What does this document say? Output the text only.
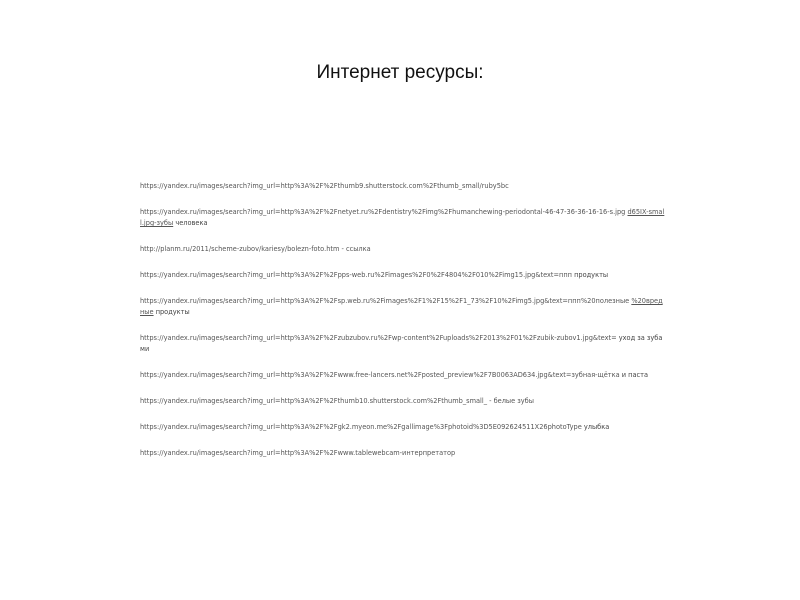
Интернет ресурсы:
https://yandex.ru/images/search?img_url=http%3A%2F%2Fthumb9.shutterstock.com%2Fthumb_small/ruby5bc
https://yandex.ru/images/search?img_url=http%3A%2F%2Fnetyet.ru%2Fdentistry%2Fimg%2Fhumanchewing-periodontal-46-47-36-36-16-16-s.jpg d65IX-small.jpg-зубы человека
http://planm.ru/2011/scheme-zubov/kariesy/bolezn-foto.htm - ссылка
https://yandex.ru/images/search?img_url=http%3A%2F%2Fpps-web.ru%2Fimages%2F0%2F4804%2F010%2Fimg15.jpg&text=ппп продукты
https://yandex.ru/images/search?img_url=http%3A%2F%2Fsp.web.ru%2Fimages%2F1%2F15%2F1_73%2F10%2Fimg5.jpg&text=ппп%20полезные %20вредные продукты
https://yandex.ru/images/search?img_url=http%3A%2F%2Fzubzubov.ru%2Fwp-content%2Fuploads%2F2013%2F01%2Fzubik-zubov1.jpg&text= уход за зубами
https://yandex.ru/images/search?img_url=http%3A%2F%2Fwww.free-lancers.net%2Fposted_preview%2F7B0063AD634.jpg&text=зубная-щётка и паста
https://yandex.ru/images/search?img_url=http%3A%2F%2Fthumb10.shutterstock.com%2Fthumb_small_ - белые зубы
https://yandex.ru/images/search?img_url=http%3A%2F%2Fgk2.myeon.me%2Fgallimage%3Fphotoid%3D5E092624511X26photoType улыбка
https://yandex.ru/images/search?img_url=http%3A%2F%2Fwww.tablewebcam-интерпретатор
